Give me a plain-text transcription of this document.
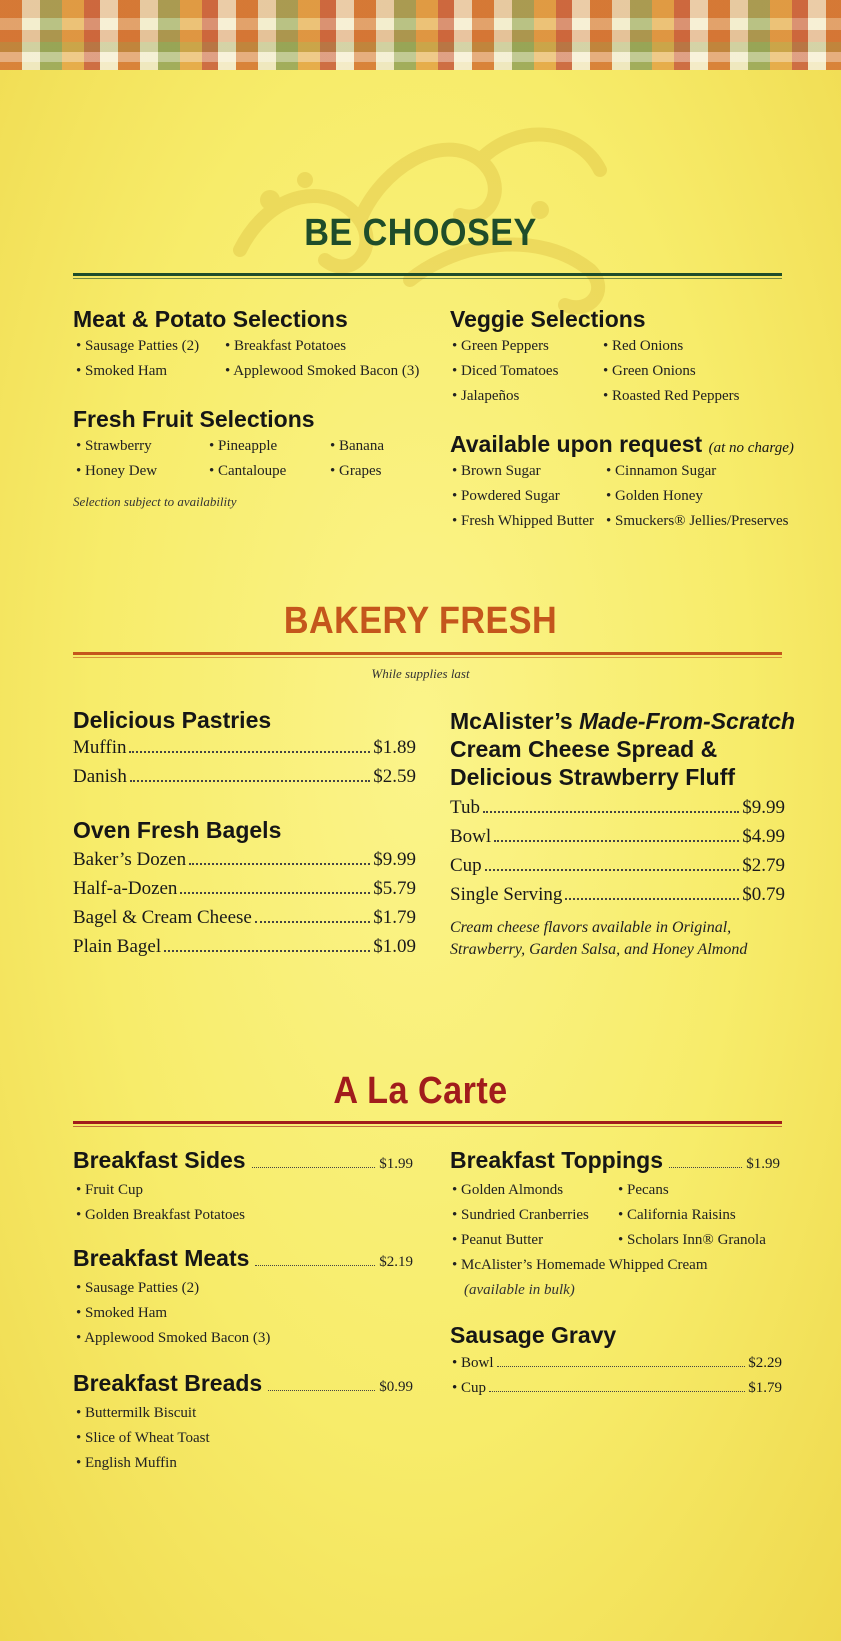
BE CHOOSEY
Meat & Potato Selections
• Sausage Patties (2)	• Breakfast Potatoes
• Smoked Ham	• Applewood Smoked Bacon (3)
Fresh Fruit Selections
• Strawberry	• Pineapple	• Banana
• Honey Dew	• Cantaloupe	• Grapes
Selection subject to availability
Veggie Selections
• Green Peppers	• Red Onions
• Diced Tomatoes	• Green Onions
• Jalapeños	• Roasted Red Peppers
Available upon request (at no charge)
• Brown Sugar	• Cinnamon Sugar
• Powdered Sugar	• Golden Honey
• Fresh Whipped Butter	• Smuckers® Jellies/Preserves
BAKERY FRESH
While supplies last
Delicious Pastries
Muffin	$1.89
Danish	$2.59
Oven Fresh Bagels
Baker’s Dozen	$9.99
Half-a-Dozen	$5.79
Bagel & Cream Cheese	$1.79
Plain Bagel	$1.09
McAlister’s Made-From-Scratch
Cream Cheese Spread &
Delicious Strawberry Fluff
Tub	$9.99
Bowl	$4.99
Cup	$2.79
Single Serving	$0.79
Cream cheese flavors available in Original,
Strawberry, Garden Salsa, and Honey Almond
A La Carte
Breakfast Sides	$1.99
• Fruit Cup
• Golden Breakfast Potatoes
Breakfast Meats	$2.19
• Sausage Patties (2)
• Smoked Ham
• Applewood Smoked Bacon (3)
Breakfast Breads	$0.99
• Buttermilk Biscuit
• Slice of Wheat Toast
• English Muffin
Breakfast Toppings	$1.99
• Golden Almonds	• Pecans
• Sundried Cranberries	• California Raisins
• Peanut Butter	• Scholars Inn® Granola
• McAlister’s Homemade Whipped Cream
(available in bulk)
Sausage Gravy
• Bowl	$2.29
• Cup	$1.79
